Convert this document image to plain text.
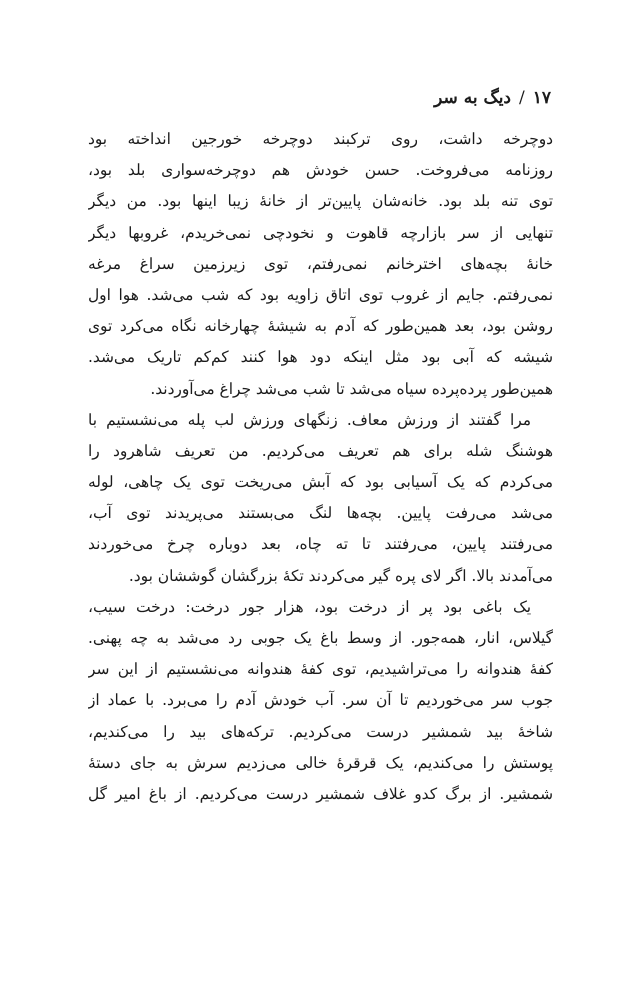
۱۷/دیگ به سر
دوچرخه داشت، روی ترکبند دوچرخه خورجین انداخته بود
روزنامه می‌فروخت. حسن خودش هم دوچرخه‌سواری بلد بود،
توی تنه بلد بود. خانه‌شان پایین‌تر از خانهٔ زیبا اینها بود. من دیگر
تنهایی از سر بازارچه قاهوت و نخودچی نمی‌خریدم، غروبها دیگر
خانهٔ بچه‌های اخترخانم نمی‌رفتم، توی زیرزمین سراغ مرغه
نمی‌رفتم. جایم از غروب توی اتاق زاویه بود که شب می‌شد. هوا اول
روشن بود، بعد همین‌طور که آدم به شیشهٔ چهارخانه نگاه می‌کرد توی
شیشه که آبی بود مثل اینکه دود هوا کنند کم‌کم تاریک می‌شد.
همین‌طور پرده‌پرده سیاه می‌شد تا شب می‌شد چراغ می‌آوردند.
مرا گفتند از ورزش معاف. زنگهای ورزش لب پله می‌نشستیم با
هوشنگ شله برای هم تعریف می‌کردیم. من تعریف شاهرود را
می‌کردم که یک آسیابی بود که آبش می‌ریخت توی یک چاهی، لوله
می‌شد می‌رفت پایین. بچه‌ها لنگ می‌بستند می‌پریدند توی آب،
می‌رفتند پایین، می‌رفتند تا ته چاه، بعد دوباره چرخ می‌خوردند
می‌آمدند بالا. اگر لای پره گیر می‌کردند تکهٔ بزرگشان گوششان بود.
یک باغی بود پر از درخت بود، هزار جور درخت: درخت سیب،
گیلاس، انار، همه‌جور. از وسط باغ یک جوبی رد می‌شد به چه پهنی.
کفهٔ هندوانه را می‌تراشیدیم، توی کفهٔ هندوانه می‌نشستیم از این سر
جوب سر می‌خوردیم تا آن سر. آب خودش آدم را می‌برد. با عماد از
شاخهٔ بید شمشیر درست می‌کردیم. ترکه‌های بید را می‌کندیم،
پوستش را می‌کندیم، یک قرقرهٔ خالی می‌زدیم سرش به جای دستهٔ
شمشیر. از برگ کدو غلاف شمشیر درست می‌کردیم. از باغ امیر گل
